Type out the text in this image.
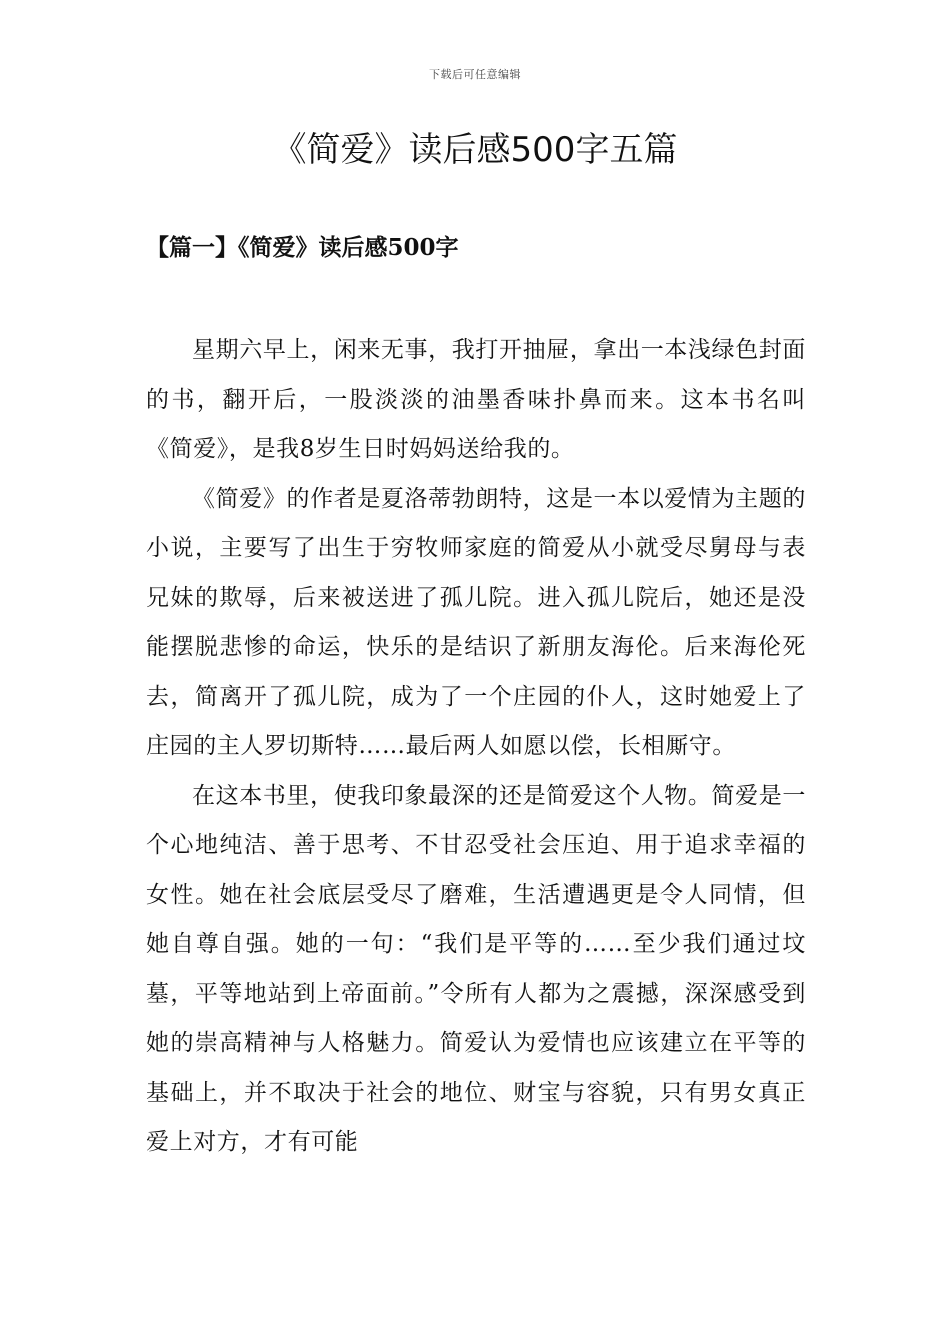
下载后可任意编辑
《简爱》读后感500字五篇
【篇一】《简爱》读后感500字

星期六早上，闲来无事，我打开抽屉，拿出一本浅绿色封面的书，翻开后，一股淡淡的油墨香味扑鼻而来。这本书名叫《简爱》，是我8岁生日时妈妈送给我的。

《简爱》的作者是夏洛蒂勃朗特，这是一本以爱情为主题的小说，主要写了出生于穷牧师家庭的简爱从小就受尽舅母与表兄妹的欺辱，后来被送进了孤儿院。进入孤儿院后，她还是没能摆脱悲惨的命运，快乐的是结识了新朋友海伦。后来海伦死去，简离开了孤儿院，成为了一个庄园的仆人，这时她爱上了庄园的主人罗切斯特……最后两人如愿以偿，长相厮守。

在这本书里，使我印象最深的还是简爱这个人物。简爱是一个心地纯洁、善于思考、不甘忍受社会压迫、用于追求幸福的女性。她在社会底层受尽了磨难，生活遭遇更是令人同情，但她自尊自强。她的一句：“我们是平等的……至少我们通过坟墓，平等地站到上帝面前。”令所有人都为之震撼，深深感受到她的崇高精神与人格魅力。简爱认为爱情也应该建立在平等的基础上，并不取决于社会的地位、财宝与容貌，只有男女真正爱上对方，才有可能
